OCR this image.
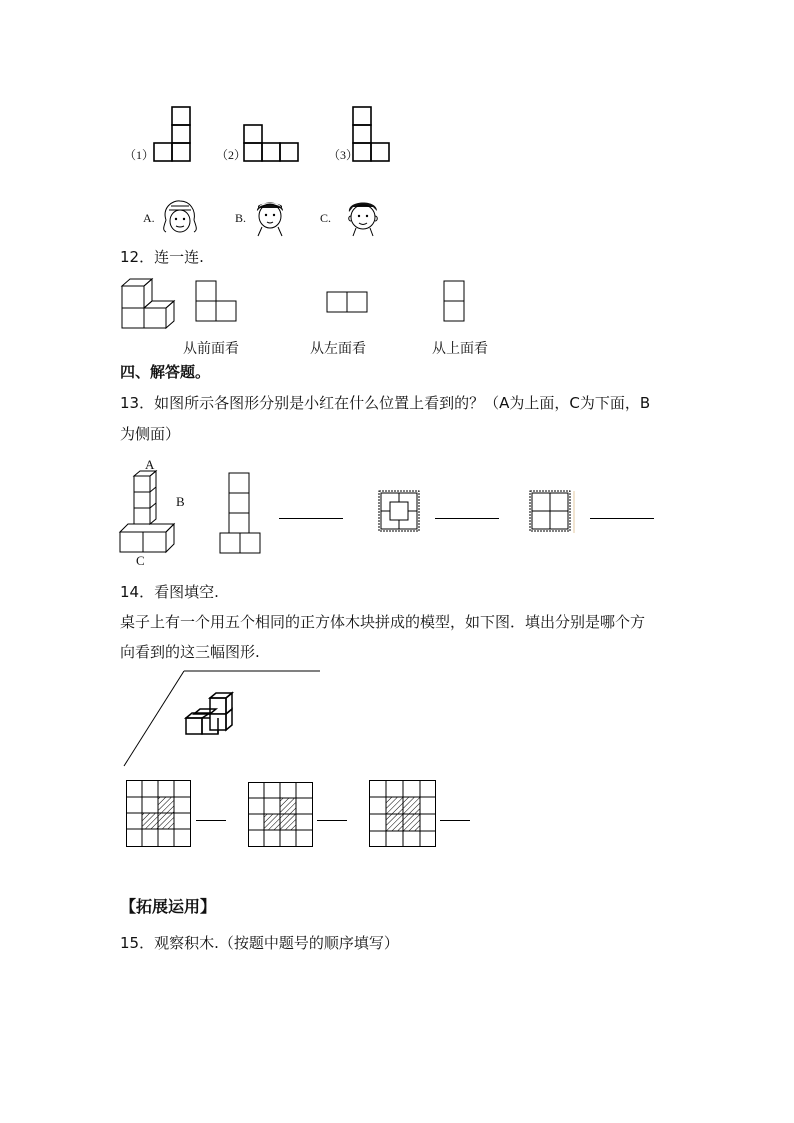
（1）	（2）	（3）
A.	B.	C.
12．连一连.
从前面看	从左面看	从上面看
四、解答题。
13．如图所示各图形分别是小红在什么位置上看到的？（A为上面，C为下面，B
为侧面）
A
B
C
14．看图填空.
桌子上有一个用五个相同的正方体木块拼成的模型，如下图．填出分别是哪个方
向看到的这三幅图形.
【拓展运用】
15．观察积木.（按题中题号的顺序填写）
